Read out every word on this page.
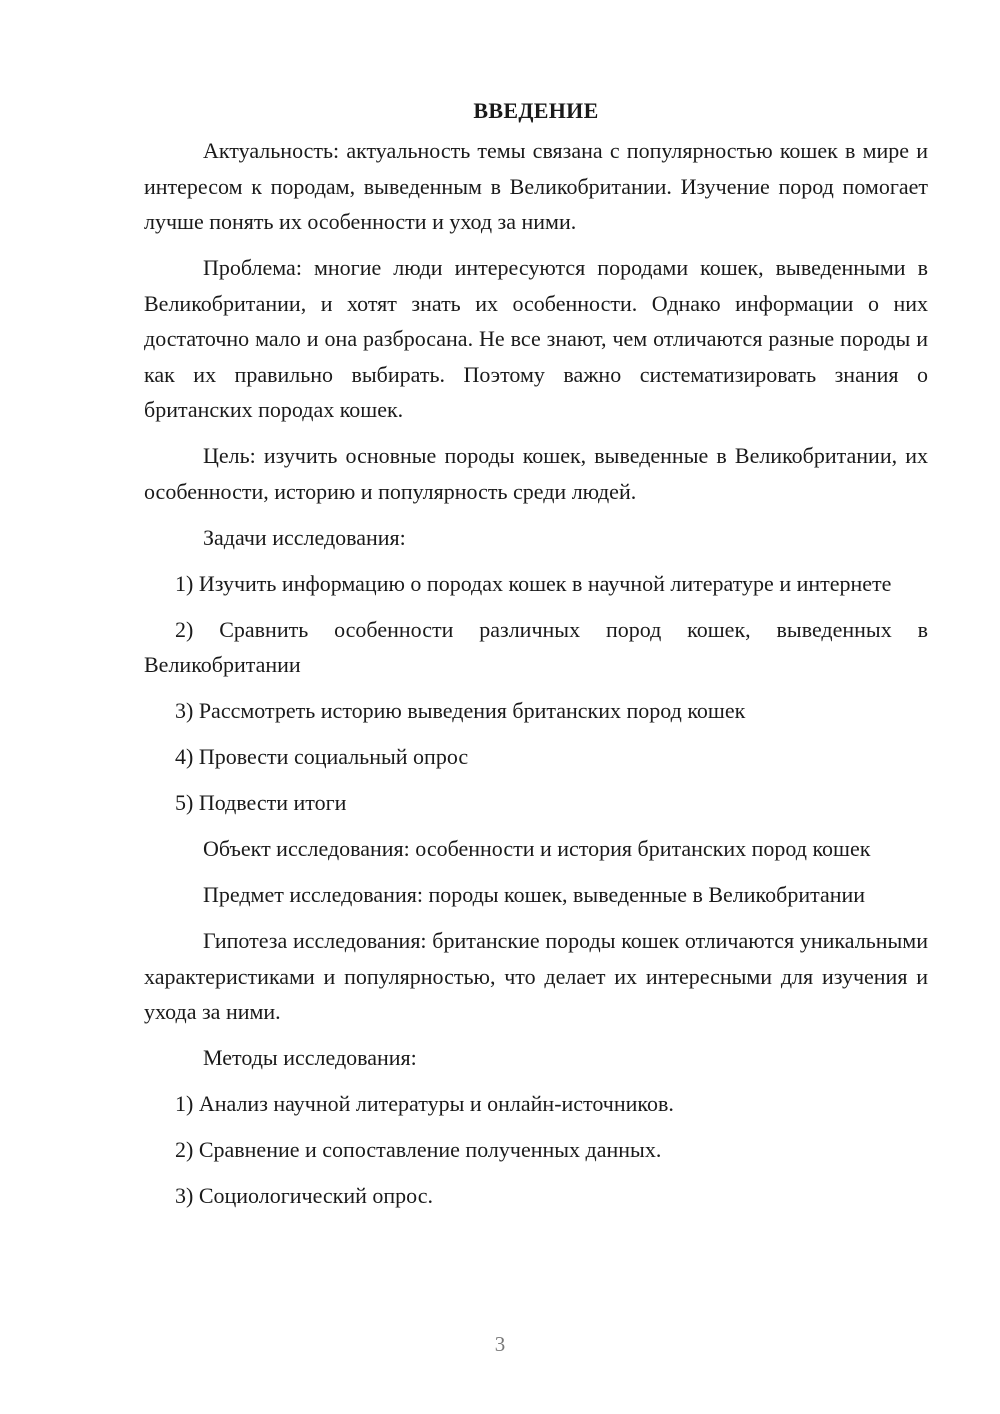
ВВЕДЕНИЕ

Актуальность: актуальность темы связана с популярностью кошек в мире и интересом к породам, выведенным в Великобритании. Изучение пород помогает лучше понять их особенности и уход за ними.

Проблема: многие люди интересуются породами кошек, выведенными в Великобритании, и хотят знать их особенности. Однако информации о них достаточно мало и она разбросана. Не все знают, чем отличаются разные породы и как их правильно выбирать. Поэтому важно систематизировать знания о британских породах кошек.

Цель: изучить основные породы кошек, выведенные в Великобритании, их особенности, историю и популярность среди людей.

Задачи исследования:

1) Изучить информацию о породах кошек в научной литературе и интернете

2) Сравнить особенности различных пород кошек, выведенных в Великобритании

3) Рассмотреть историю выведения британских пород кошек

4) Провести социальный опрос

5) Подвести итоги

Объект исследования: особенности и история британских пород кошек

Предмет исследования: породы кошек, выведенные в Великобритании

Гипотеза исследования: британские породы кошек отличаются уникальными характеристиками и популярностью, что делает их интересными для изучения и ухода за ними.

Методы исследования:

1) Анализ научной литературы и онлайн-источников.

2) Сравнение и сопоставление полученных данных.

3) Социологический опрос.

3
